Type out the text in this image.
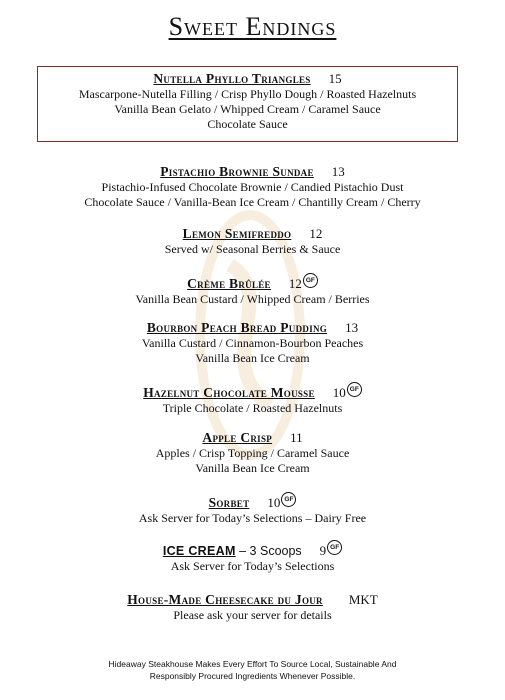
Sweet Endings
Nutella Phyllo Triangles 15
Mascarpone-Nutella Filling / Crisp Phyllo Dough / Roasted Hazelnuts
Vanilla Bean Gelato / Whipped Cream / Caramel Sauce
Chocolate Sauce
Pistachio Brownie Sundae 13
Pistachio-Infused Chocolate Brownie / Candied Pistachio Dust
Chocolate Sauce / Vanilla-Bean Ice Cream / Chantilly Cream / Cherry
Lemon Semifreddo 12
Served w/ Seasonal Berries & Sauce
Crème Brûlée 12 GF
Vanilla Bean Custard / Whipped Cream / Berries
Bourbon Peach Bread Pudding 13
Vanilla Custard / Cinnamon-Bourbon Peaches
Vanilla Bean Ice Cream
Hazelnut Chocolate Mousse 10 GF
Triple Chocolate / Roasted Hazelnuts
Apple Crisp 11
Apples / Crisp Topping / Caramel Sauce
Vanilla Bean Ice Cream
Sorbet 10 GF
Ask Server for Today’s Selections – Dairy Free
ICE CREAM – 3 Scoops 9 GF
Ask Server for Today’s Selections
House-Made Cheesecake du Jour MKT
Please ask your server for details
Hideaway Steakhouse Makes Every Effort To Source Local, Sustainable And
Responsibly Procured Ingredients Whenever Possible.
